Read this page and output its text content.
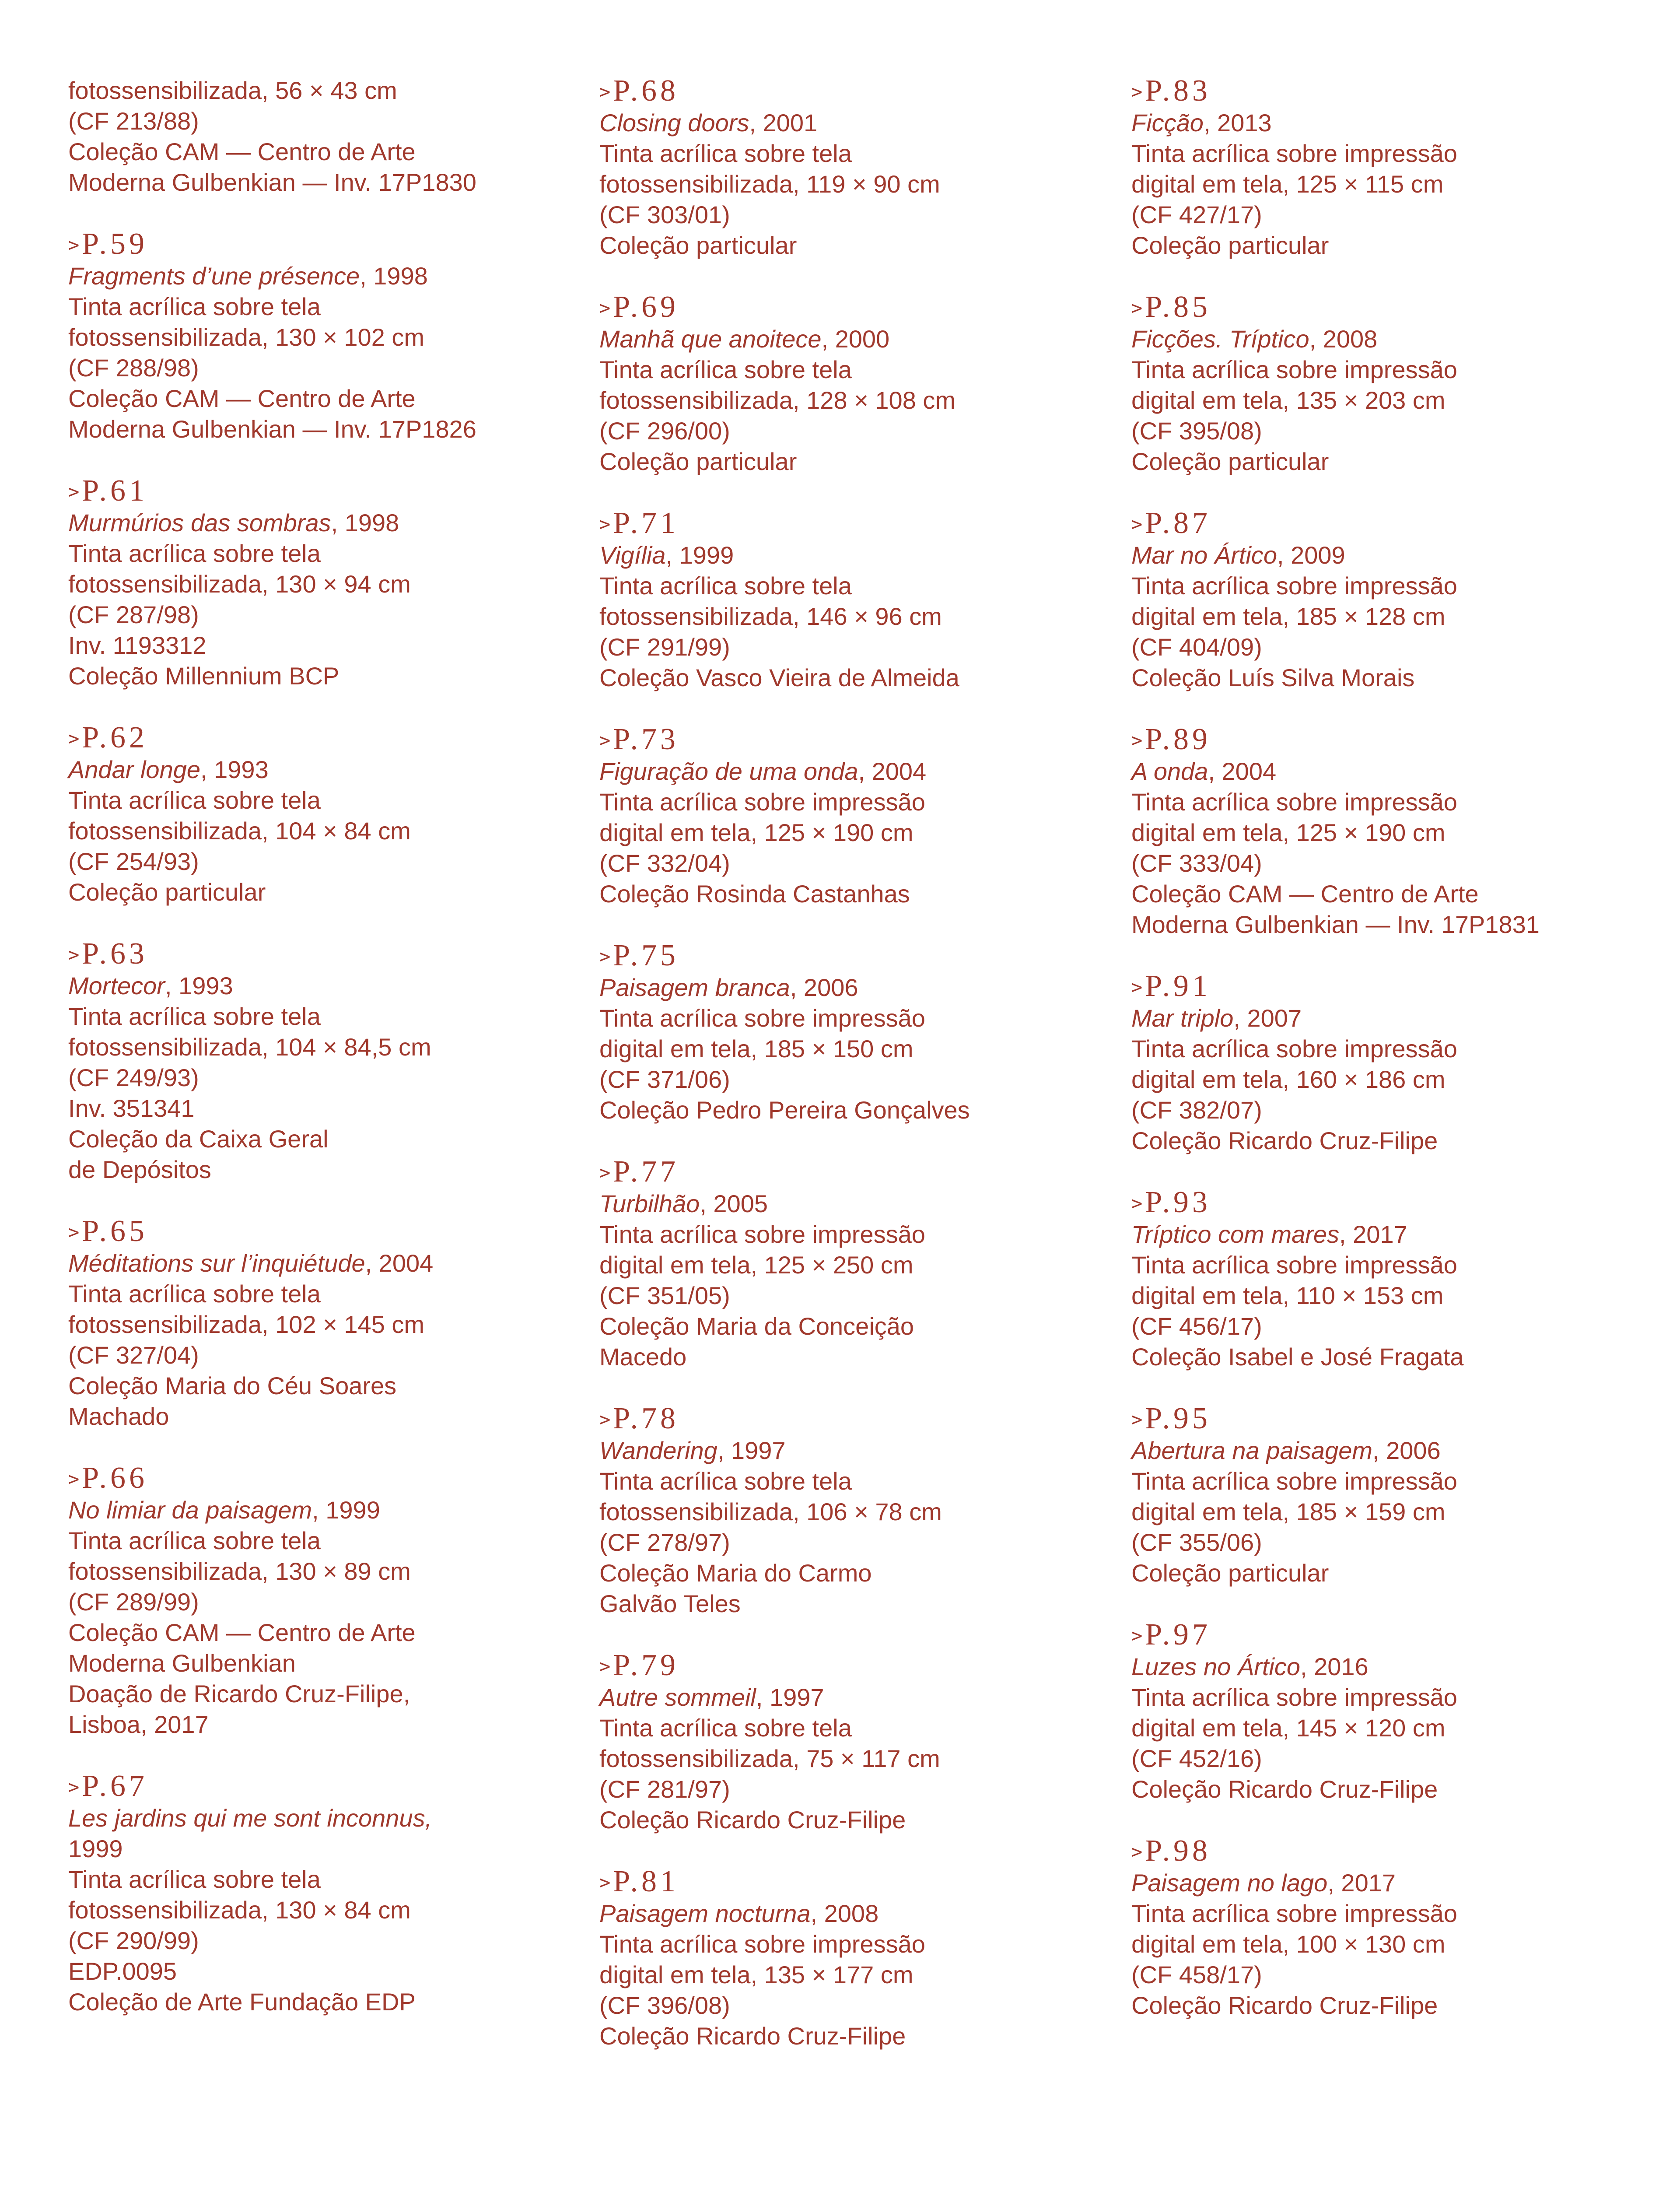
fotossensibilizada, 56 × 43 cm
(CF 213/88)
Coleção CAM — Centro de Arte
Moderna Gulbenkian — Inv. 17P1830
>P.59
Fragments d’une présence, 1998
Tinta acrílica sobre tela
fotossensibilizada, 130 × 102 cm
(CF 288/98)
Coleção CAM — Centro de Arte
Moderna Gulbenkian — Inv. 17P1826
>P.61
Murmúrios das sombras, 1998
Tinta acrílica sobre tela
fotossensibilizada, 130 × 94 cm
(CF 287/98)
Inv. 1193312
Coleção Millennium BCP
>P.62
Andar longe, 1993
Tinta acrílica sobre tela
fotossensibilizada, 104 × 84 cm
(CF 254/93)
Coleção particular
>P.63
Mortecor, 1993
Tinta acrílica sobre tela
fotossensibilizada, 104 × 84,5 cm
(CF 249/93)
Inv. 351341
Coleção da Caixa Geral
de Depósitos
>P.65
Méditations sur l’inquiétude, 2004
Tinta acrílica sobre tela
fotossensibilizada, 102 × 145 cm
(CF 327/04)
Coleção Maria do Céu Soares
Machado
>P.66
No limiar da paisagem, 1999
Tinta acrílica sobre tela
fotossensibilizada, 130 × 89 cm
(CF 289/99)
Coleção CAM — Centro de Arte
Moderna Gulbenkian
Doação de Ricardo Cruz-Filipe,
Lisboa, 2017
>P.67
Les jardins qui me sont inconnus,
1999
Tinta acrílica sobre tela
fotossensibilizada, 130 × 84 cm
(CF 290/99)
EDP.0095
Coleção de Arte Fundação EDP
>P.68
Closing doors, 2001
Tinta acrílica sobre tela
fotossensibilizada, 119 × 90 cm
(CF 303/01)
Coleção particular
>P.69
Manhã que anoitece, 2000
Tinta acrílica sobre tela
fotossensibilizada, 128 × 108 cm
(CF 296/00)
Coleção particular
>P.71
Vigília, 1999
Tinta acrílica sobre tela
fotossensibilizada, 146 × 96 cm
(CF 291/99)
Coleção Vasco Vieira de Almeida
>P.73
Figuração de uma onda, 2004
Tinta acrílica sobre impressão
digital em tela, 125 × 190 cm
(CF 332/04)
Coleção Rosinda Castanhas
>P.75
Paisagem branca, 2006
Tinta acrílica sobre impressão
digital em tela, 185 × 150 cm
(CF 371/06)
Coleção Pedro Pereira Gonçalves
>P.77
Turbilhão, 2005
Tinta acrílica sobre impressão
digital em tela, 125 × 250 cm
(CF 351/05)
Coleção Maria da Conceição
Macedo
>P.78
Wandering, 1997
Tinta acrílica sobre tela
fotossensibilizada, 106 × 78 cm
(CF 278/97)
Coleção Maria do Carmo
Galvão Teles
>P.79
Autre sommeil, 1997
Tinta acrílica sobre tela
fotossensibilizada, 75 × 117 cm
(CF 281/97)
Coleção Ricardo Cruz-Filipe
>P.81
Paisagem nocturna, 2008
Tinta acrílica sobre impressão
digital em tela, 135 × 177 cm
(CF 396/08)
Coleção Ricardo Cruz-Filipe
>P.83
Ficção, 2013
Tinta acrílica sobre impressão
digital em tela, 125 × 115 cm
(CF 427/17)
Coleção particular
>P.85
Ficções. Tríptico, 2008
Tinta acrílica sobre impressão
digital em tela, 135 × 203 cm
(CF 395/08)
Coleção particular
>P.87
Mar no Ártico, 2009
Tinta acrílica sobre impressão
digital em tela, 185 × 128 cm
(CF 404/09)
Coleção Luís Silva Morais
>P.89
A onda, 2004
Tinta acrílica sobre impressão
digital em tela, 125 × 190 cm
(CF 333/04)
Coleção CAM — Centro de Arte
Moderna Gulbenkian — Inv. 17P1831
>P.91
Mar triplo, 2007
Tinta acrílica sobre impressão
digital em tela, 160 × 186 cm
(CF 382/07)
Coleção Ricardo Cruz-Filipe
>P.93
Tríptico com mares, 2017
Tinta acrílica sobre impressão
digital em tela, 110 × 153 cm
(CF 456/17)
Coleção Isabel e José Fragata
>P.95
Abertura na paisagem, 2006
Tinta acrílica sobre impressão
digital em tela, 185 × 159 cm
(CF 355/06)
Coleção particular
>P.97
Luzes no Ártico, 2016
Tinta acrílica sobre impressão
digital em tela, 145 × 120 cm
(CF 452/16)
Coleção Ricardo Cruz-Filipe
>P.98
Paisagem no lago, 2017
Tinta acrílica sobre impressão
digital em tela, 100 × 130 cm
(CF 458/17)
Coleção Ricardo Cruz-Filipe
